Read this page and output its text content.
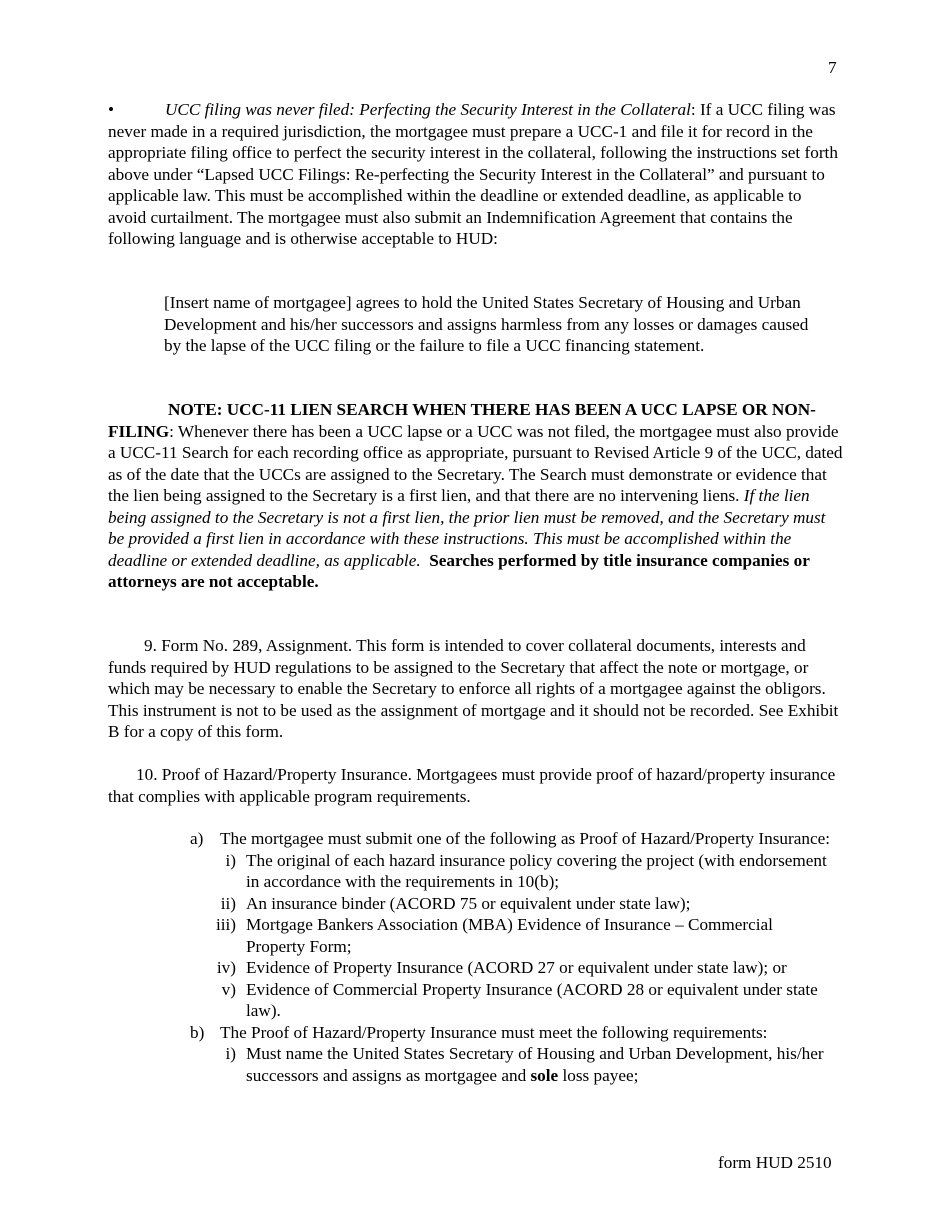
7
•	UCC filing was never filed: Perfecting the Security Interest in the Collateral: If a UCC filing was never made in a required jurisdiction, the mortgagee must prepare a UCC-1 and file it for record in the appropriate filing office to perfect the security interest in the collateral, following the instructions set forth above under “Lapsed UCC Filings: Re-perfecting the Security Interest in the Collateral” and pursuant to applicable law. This must be accomplished within the deadline or extended deadline, as applicable to avoid curtailment. The mortgagee must also submit an Indemnification Agreement that contains the following language and is otherwise acceptable to HUD:
[Insert name of mortgagee] agrees to hold the United States Secretary of Housing and Urban Development and his/her successors and assigns harmless from any losses or damages caused by the lapse of the UCC filing or the failure to file a UCC financing statement.
NOTE: UCC-11 LIEN SEARCH WHEN THERE HAS BEEN A UCC LAPSE OR NON-FILING: Whenever there has been a UCC lapse or a UCC was not filed, the mortgagee must also provide a UCC-11 Search for each recording office as appropriate, pursuant to Revised Article 9 of the UCC, dated as of the date that the UCCs are assigned to the Secretary. The Search must demonstrate or evidence that the lien being assigned to the Secretary is a first lien, and that there are no intervening liens. If the lien being assigned to the Secretary is not a first lien, the prior lien must be removed, and the Secretary must be provided a first lien in accordance with these instructions. This must be accomplished within the deadline or extended deadline, as applicable. Searches performed by title insurance companies or attorneys are not acceptable.
9. Form No. 289, Assignment. This form is intended to cover collateral documents, interests and funds required by HUD regulations to be assigned to the Secretary that affect the note or mortgage, or which may be necessary to enable the Secretary to enforce all rights of a mortgagee against the obligors. This instrument is not to be used as the assignment of mortgage and it should not be recorded. See Exhibit B for a copy of this form.
10. Proof of Hazard/Property Insurance. Mortgagees must provide proof of hazard/property insurance that complies with applicable program requirements.
a) The mortgagee must submit one of the following as Proof of Hazard/Property Insurance:
i) The original of each hazard insurance policy covering the project (with endorsement in accordance with the requirements in 10(b);
ii) An insurance binder (ACORD 75 or equivalent under state law);
iii) Mortgage Bankers Association (MBA) Evidence of Insurance – Commercial Property Form;
iv) Evidence of Property Insurance (ACORD 27 or equivalent under state law); or
v) Evidence of Commercial Property Insurance (ACORD 28 or equivalent under state law).
b) The Proof of Hazard/Property Insurance must meet the following requirements:
i) Must name the United States Secretary of Housing and Urban Development, his/her successors and assigns as mortgagee and sole loss payee;
form HUD 2510
